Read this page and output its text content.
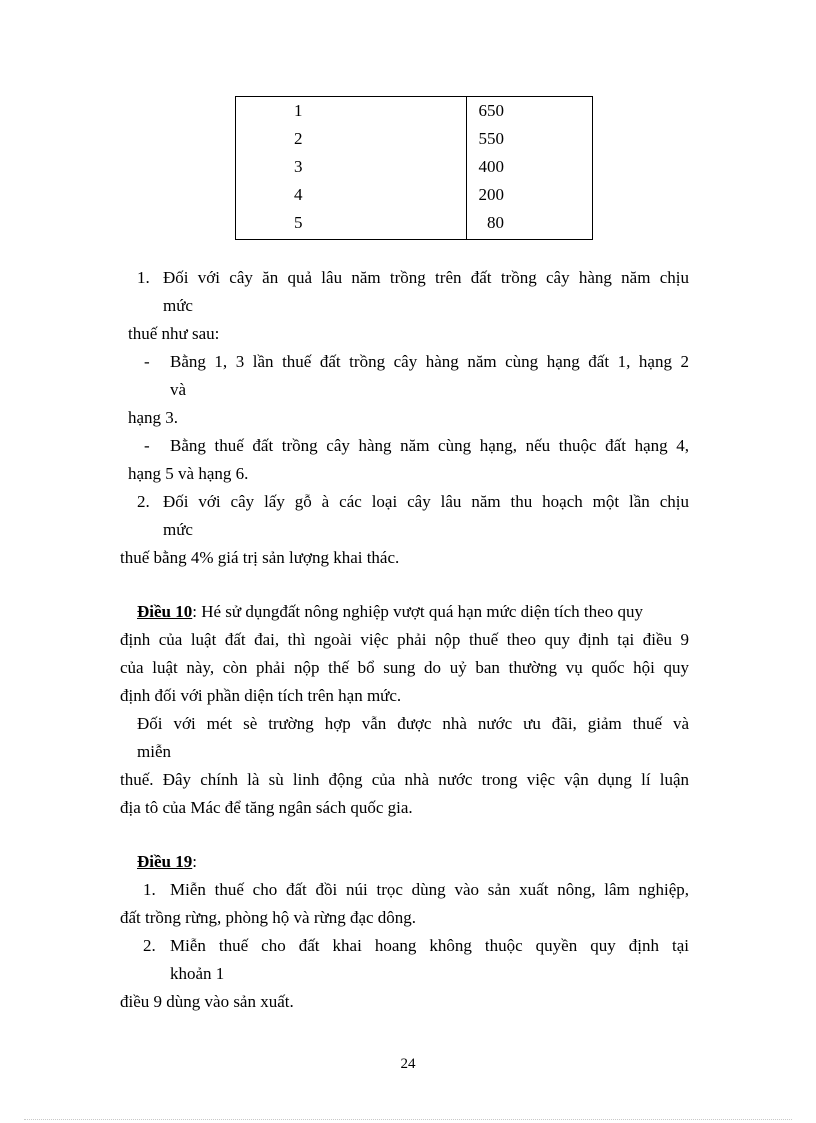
1	650
2	550
3	400
4	200
5	80
1. Đối với cây ăn quả lâu năm trồng trên đất trồng cây hàng năm chịu
mức
thuế như sau:
- Bằng 1, 3 lần thuế đất trồng cây hàng năm cùng hạng đất 1, hạng 2
và
hạng 3.
- Bằng thuế đất trồng cây hàng năm cùng hạng, nếu thuộc đất hạng 4,
hạng 5 và hạng 6.
2. Đối với cây lấy gỗ à các loại cây lâu năm thu hoạch một lần chịu
mức
thuế bằng 4% giá trị sản lượng khai thác.
Điều 10: Hé sử dụngđất nông nghiệp vượt quá hạn mức diện tích theo quy
định của luật đất đai, thì ngoài việc phải nộp thuế theo quy định tại điều 9
của luật này, còn phải nộp thế bổ sung do uỷ ban thường vụ quốc hội quy
định đối với phần diện tích trên hạn mức.
Đối với mét sè trường hợp vẫn được nhà nước ưu đãi, giảm thuế và
miễn
thuế. Đây chính là sù linh động của nhà nước trong việc vận dụng lí luận
địa tô của Mác để tăng ngân sách quốc gia.
Điều 19:
1. Miễn thuế cho đất đồi núi trọc dùng vào sản xuất nông, lâm nghiệp,
đất trồng rừng, phòng hộ và rừng đạc dông.
2. Miễn thuế cho đất khai hoang không thuộc quyền quy định tại
khoản 1
điều 9 dùng vào sản xuất.
24
